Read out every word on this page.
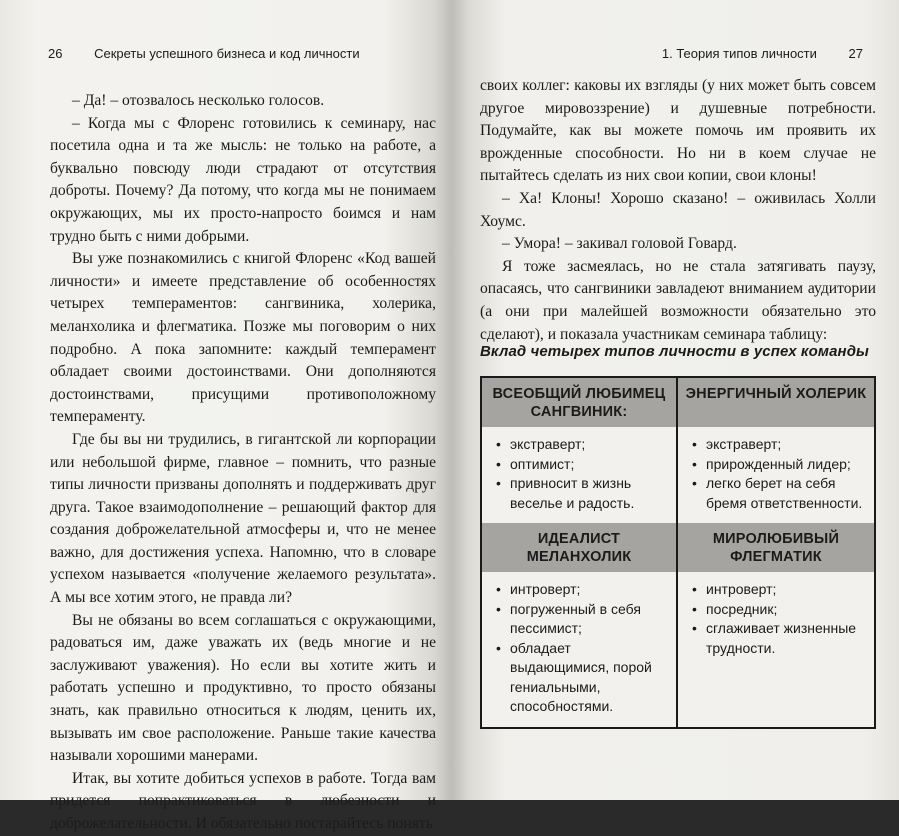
26 Секреты успешного бизнеса и код личности

– Да! – отозвалось несколько голосов.

– Когда мы с Флоренс готовились к семинару, нас посетила одна и та же мысль: не только на работе, а буквально повсюду люди страдают от отсутствия доброты. Почему? Да потому, что когда мы не понимаем окружающих, мы их просто-напросто боимся и нам трудно быть с ними добрыми.

Вы уже познакомились с книгой Флоренс «Код вашей личности» и имеете представление об особенностях четырех темпераментов: сангвиника, холерика, меланхолика и флегматика. Позже мы поговорим о них подробно. А пока запомните: каждый темперамент обладает своими достоинствами. Они дополняются достоинствами, присущими противоположному темпераменту.

Где бы вы ни трудились, в гигантской ли корпорации или небольшой фирме, главное – помнить, что разные типы личности призваны дополнять и поддерживать друг друга. Такое взаимодополнение – решающий фактор для создания доброжелательной атмосферы и, что не менее важно, для достижения успеха. Напомню, что в словаре успехом называется «получение желаемого результата». А мы все хотим этого, не правда ли?

Вы не обязаны во всем соглашаться с окружающими, радоваться им, даже уважать их (ведь многие и не заслуживают уважения). Но если вы хотите жить и работать успешно и продуктивно, то просто обязаны знать, как правильно относиться к людям, ценить их, вызывать им свое расположение. Раньше такие качества называли хорошими манерами.

Итак, вы хотите добиться успехов в работе. Тогда вам придется попрактиковаться в любезности и доброжелательности. И обязательно постарайтесь понять

1. Теория типов личности 27

своих коллег: каковы их взгляды (у них может быть совсем другое мировоззрение) и душевные потребности. Подумайте, как вы можете помочь им проявить их врожденные способности. Но ни в коем случае не пытайтесь сделать из них свои копии, свои клоны!

– Ха! Клоны! Хорошо сказано! – оживилась Холли Хоумс.

– Умора! – закивал головой Говард.

Я тоже засмеялась, но не стала затягивать паузу, опасаясь, что сангвиники завладеют вниманием аудитории (а они при малейшей возможности обязательно это сделают), и показала участникам семинара таблицу:

Вклад четырех типов личности в успех команды
ВСЕОБЩИЙ ЛЮБИМЕЦ САНГВИНИК:
ЭНЕРГИЧНЫЙ ХОЛЕРИК
• экстраверт;
• оптимист;
• привносит в жизнь веселье и радость.
• экстраверт;
• прирожденный лидер;
• легко берет на себя бремя ответственности.
ИДЕАЛИСТ МЕЛАНХОЛИК
МИРОЛЮБИВЫЙ ФЛЕГМАТИК
• интроверт;
• погруженный в себя пессимист;
• обладает выдающимися, порой гениальными, способностями.
• интроверт;
• посредник;
• сглаживает жизненные трудности.
